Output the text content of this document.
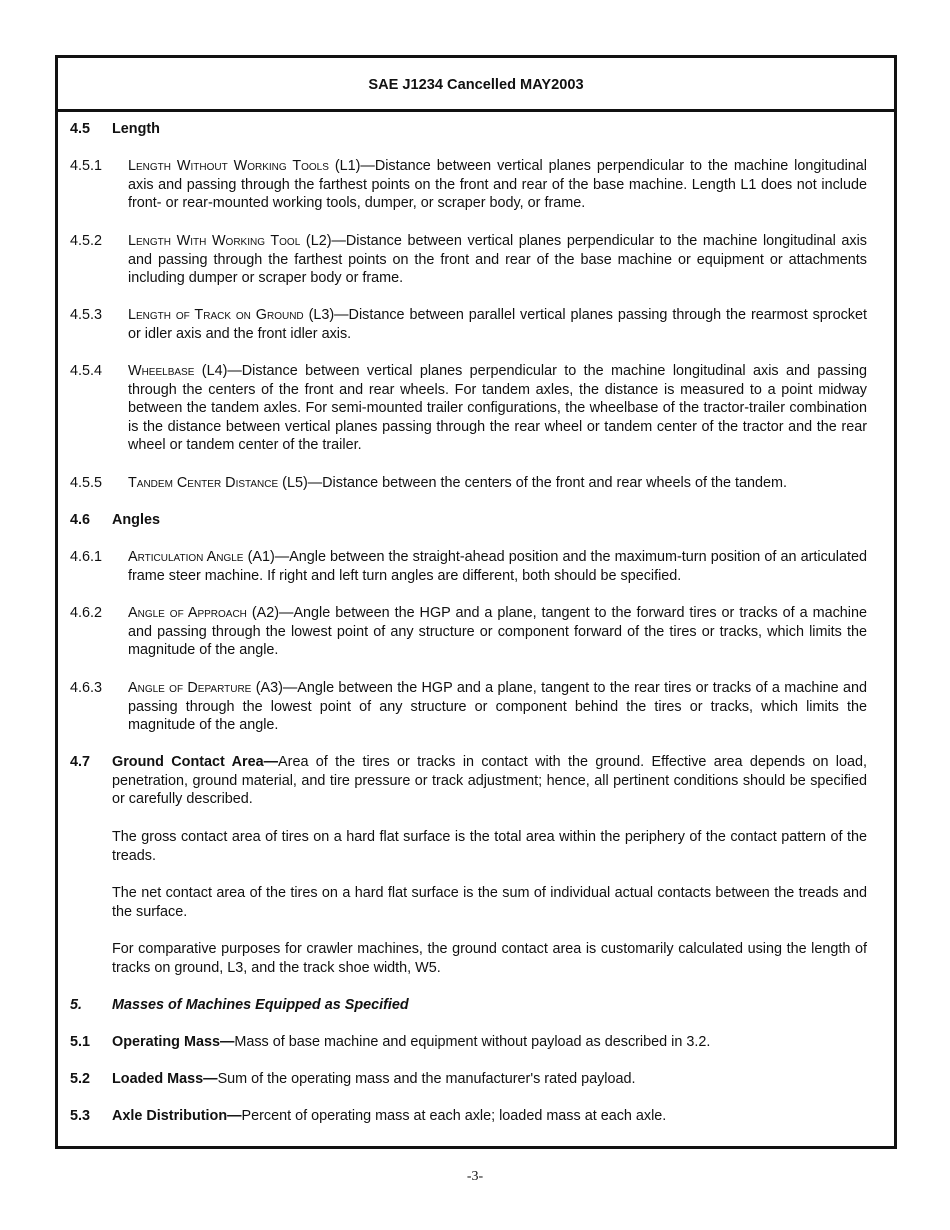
SAE J1234 Cancelled MAY2003
4.5 Length
4.5.1 Length Without Working Tools (L1)—Distance between vertical planes perpendicular to the machine longitudinal axis and passing through the farthest points on the front and rear of the base machine. Length L1 does not include front- or rear-mounted working tools, dumper, or scraper body, or frame.
4.5.2 Length With Working Tool (L2)—Distance between vertical planes perpendicular to the machine longitudinal axis and passing through the farthest points on the front and rear of the base machine or equipment or attachments including dumper or scraper body or frame.
4.5.3 Length of Track on Ground (L3)—Distance between parallel vertical planes passing through the rearmost sprocket or idler axis and the front idler axis.
4.5.4 Wheelbase (L4)—Distance between vertical planes perpendicular to the machine longitudinal axis and passing through the centers of the front and rear wheels. For tandem axles, the distance is measured to a point midway between the tandem axles. For semi-mounted trailer configurations, the wheelbase of the tractor-trailer combination is the distance between vertical planes passing through the rear wheel or tandem center of the tractor and the rear wheel or tandem center of the trailer.
4.5.5 Tandem Center Distance (L5)—Distance between the centers of the front and rear wheels of the tandem.
4.6 Angles
4.6.1 Articulation Angle (A1)—Angle between the straight-ahead position and the maximum-turn position of an articulated frame steer machine. If right and left turn angles are different, both should be specified.
4.6.2 Angle of Approach (A2)—Angle between the HGP and a plane, tangent to the forward tires or tracks of a machine and passing through the lowest point of any structure or component forward of the tires or tracks, which limits the magnitude of the angle.
4.6.3 Angle of Departure (A3)—Angle between the HGP and a plane, tangent to the rear tires or tracks of a machine and passing through the lowest point of any structure or component behind the tires or tracks, which limits the magnitude of the angle.
4.7 Ground Contact Area—Area of the tires or tracks in contact with the ground. Effective area depends on load, penetration, ground material, and tire pressure or track adjustment; hence, all pertinent conditions should be specified or carefully described.
The gross contact area of tires on a hard flat surface is the total area within the periphery of the contact pattern of the treads.
The net contact area of the tires on a hard flat surface is the sum of individual actual contacts between the treads and the surface.
For comparative purposes for crawler machines, the ground contact area is customarily calculated using the length of tracks on ground, L3, and the track shoe width, W5.
5. Masses of Machines Equipped as Specified
5.1 Operating Mass—Mass of base machine and equipment without payload as described in 3.2.
5.2 Loaded Mass—Sum of the operating mass and the manufacturer's rated payload.
5.3 Axle Distribution—Percent of operating mass at each axle; loaded mass at each axle.
-3-
